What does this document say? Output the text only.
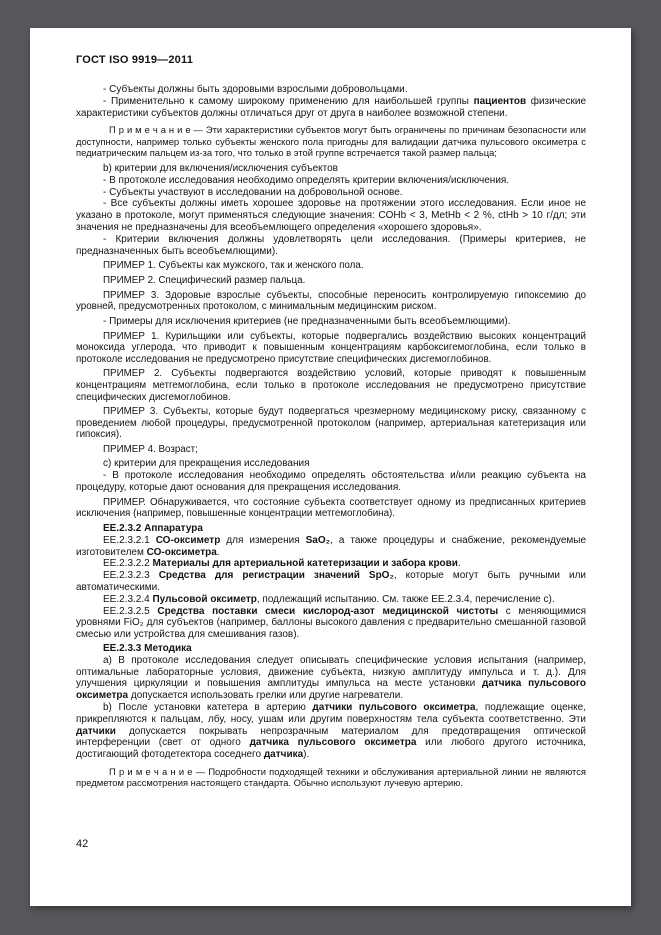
ГОСТ ISO 9919—2011

- Субъекты должны быть здоровыми взрослыми добровольцами.

- Применительно к самому широкому применению для наибольшей группы пациентов физические характеристики субъектов должны отличаться друг от друга в наиболее возможной степени.

П р и м е ч а н и е — Эти характеристики субъектов могут быть ограничены по причинам безопасности или доступности, например только субъекты женского пола пригодны для валидации датчика пульсового оксиметра с педиатрическим пальцем из-за того, что только в этой группе встречается такой размер пальца;

b) критерии для включения/исключения субъектов

- В протоколе исследования необходимо определять критерии включения/исключения.

- Субъекты участвуют в исследовании на добровольной основе.

- Все субъекты должны иметь хорошее здоровье на протяжении этого исследования. Если иное не указано в протоколе, могут применяться следующие значения: COHb < 3, MetHb < 2 %, ctHb > 10 г/дл; эти значения не предназначены для всеобъемлющего определения «хорошего здоровья».

- Критерии включения должны удовлетворять цели исследования. (Примеры критериев, не предназначенных быть всеобъемлющими).

ПРИМЕР 1. Субъекты как мужского, так и женского пола.

ПРИМЕР 2. Специфический размер пальца.

ПРИМЕР 3. Здоровые взрослые субъекты, способные переносить контролируемую гипоксемию до уровней, предусмотренных протоколом, с минимальным медицинским риском.

- Примеры для исключения критериев (не предназначенными быть всеобъемлющими).

ПРИМЕР 1. Курильщики или субъекты, которые подвергались воздействию высоких концентраций моноксида углерода, что приводит к повышенным концентрациям карбоксигемоглобина, если только в протоколе исследования не предусмотрено присутствие специфических дисгемоглобинов.

ПРИМЕР 2. Субъекты подвергаются воздействию условий, которые приводят к повышенным концентрациям метгемоглобина, если только в протоколе исследования не предусмотрено присутствие специфических дисгемоглобинов.

ПРИМЕР 3. Субъекты, которые будут подвергаться чрезмерному медицинскому риску, связанному с проведением любой процедуры, предусмотренной протоколом (например, артериальная катетеризация или гипоксия).

ПРИМЕР 4. Возраст;

c) критерии для прекращения исследования

- В протоколе исследования необходимо определять обстоятельства и/или реакцию субъекта на процедуру, которые дают основания для прекращения исследования.

ПРИМЕР. Обнаруживается, что состояние субъекта соответствует одному из предписанных критериев исключения (например, повышенные концентрации метгемоглобина).

ЕЕ.2.3.2 Аппаратура

ЕЕ.2.3.2.1 СО-оксиметр для измерения SaO₂, а также процедуры и снабжение, рекомендуемые изготовителем СО-оксиметра.

ЕЕ.2.3.2.2 Материалы для артериальной катетеризации и забора крови.

ЕЕ.2.3.2.3 Средства для регистрации значений SpO₂, которые могут быть ручными или автоматическими.

ЕЕ.2.3.2.4 Пульсовой оксиметр, подлежащий испытанию. См. также ЕЕ.2.3.4, перечисление c).

ЕЕ.2.3.2.5 Средства поставки смеси кислород-азот медицинской чистоты с меняющимися уровнями FiO₂ для субъектов (например, баллоны высокого давления с предварительно смешанной газовой смесью или устройства для смешивания газов).

ЕЕ.2.3.3 Методика

a) В протоколе исследования следует описывать специфические условия испытания (например, оптимальные лабораторные условия, движение субъекта, низкую амплитуду импульса и т. д.). Для улучшения циркуляции и повышения амплитуды импульса на месте установки датчика пульсового оксиметра допускается использовать грелки или другие нагреватели.

b) После установки катетера в артерию датчики пульсового оксиметра, подлежащие оценке, прикрепляются к пальцам, лбу, носу, ушам или другим поверхностям тела субъекта соответственно. Эти датчики допускается покрывать непрозрачным материалом для предотвращения оптической интерференции (свет от одного датчика пульсового оксиметра или любого другого источника, достигающий фотодетектора соседнего датчика).

П р и м е ч а н и е — Подробности подходящей техники и обслуживания артериальной линии не являются предметом рассмотрения настоящего стандарта. Обычно используют лучевую артерию.

42
